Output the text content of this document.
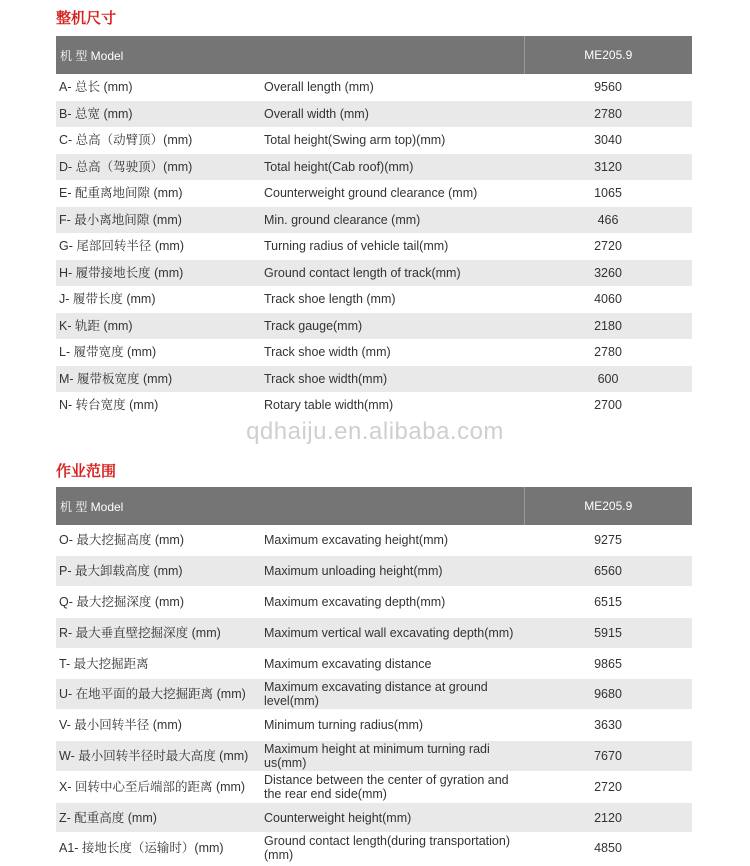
整机尺寸
机 型 Model		ME205.9
A- 总长 (mm)	Overall length (mm)	9560
B- 总宽 (mm)	Overall width (mm)	2780
C- 总高（动臂顶）(mm)	Total height(Swing arm top)(mm)	3040
D- 总高（驾驶顶）(mm)	Total height(Cab roof)(mm)	3120
E- 配重离地间隙 (mm)	Counterweight ground clearance (mm)	1065
F- 最小离地间隙 (mm)	Min. ground clearance (mm)	466
G- 尾部回转半径 (mm)	Turning radius of vehicle tail(mm)	2720
H- 履带接地长度 (mm)	Ground contact length of track(mm)	3260
J- 履带长度 (mm)	Track shoe length (mm)	4060
K- 轨距 (mm)	Track gauge(mm)	2180
L- 履带宽度 (mm)	Track shoe width (mm)	2780
M- 履带板宽度 (mm)	Track shoe width(mm)	600
N- 转台宽度 (mm)	Rotary table width(mm)	2700
qdhaiju.en.alibaba.com
作业范围
机 型 Model		ME205.9
O- 最大挖掘高度 (mm)	Maximum excavating height(mm)	9275
P- 最大卸载高度 (mm)	Maximum unloading height(mm)	6560
Q- 最大挖掘深度 (mm)	Maximum excavating depth(mm)	6515
R- 最大垂直壁挖掘深度 (mm)	Maximum vertical wall excavating depth(mm)	5915
T- 最大挖掘距离	Maximum excavating distance	9865
U- 在地平面的最大挖掘距离 (mm)	Maximum excavating distance at ground level(mm)	9680
V- 最小回转半径 (mm)	Minimum turning radius(mm)	3630
W- 最小回转半径时最大高度 (mm)	Maximum height at minimum turning radi us(mm)	7670
X- 回转中心至后端部的距离 (mm)	Distance between the center of gyration and the rear end side(mm)	2720
Z- 配重高度 (mm)	Counterweight height(mm)	2120
A1- 接地长度（运输时）(mm)	Ground contact length(during transportation)(mm)	4850
